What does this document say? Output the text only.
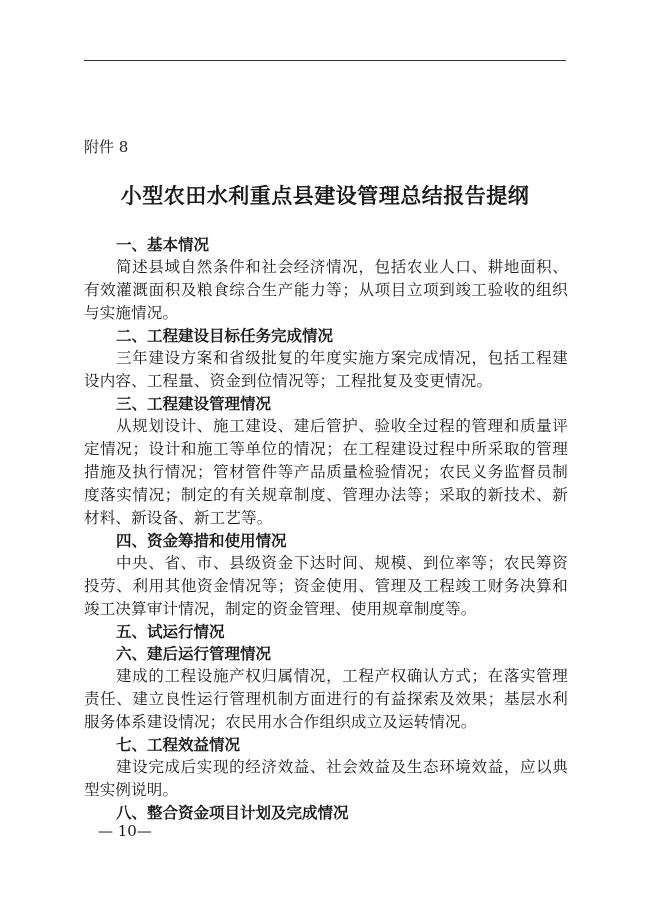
附件 8
小型农田水利重点县建设管理总结报告提纲
一、基本情况
简述县域自然条件和社会经济情况，包括农业人口、耕地面积、有效灌溉面积及粮食综合生产能力等；从项目立项到竣工验收的组织与实施情况。
二、工程建设目标任务完成情况
三年建设方案和省级批复的年度实施方案完成情况，包括工程建设内容、工程量、资金到位情况等；工程批复及变更情况。
三、工程建设管理情况
从规划设计、施工建设、建后管护、验收全过程的管理和质量评定情况；设计和施工等单位的情况；在工程建设过程中所采取的管理措施及执行情况；管材管件等产品质量检验情况；农民义务监督员制度落实情况；制定的有关规章制度、管理办法等；采取的新技术、新材料、新设备、新工艺等。
四、资金筹措和使用情况
中央、省、市、县级资金下达时间、规模、到位率等；农民筹资投劳、利用其他资金情况等；资金使用、管理及工程竣工财务决算和竣工决算审计情况，制定的资金管理、使用规章制度等。
五、试运行情况
六、建后运行管理情况
建成的工程设施产权归属情况，工程产权确认方式；在落实管理责任、建立良性运行管理机制方面进行的有益探索及效果；基层水利服务体系建设情况；农民用水合作组织成立及运转情况。
七、工程效益情况
建设完成后实现的经济效益、社会效益及生态环境效益，应以典型实例说明。
八、整合资金项目计划及完成情况
— 10—
